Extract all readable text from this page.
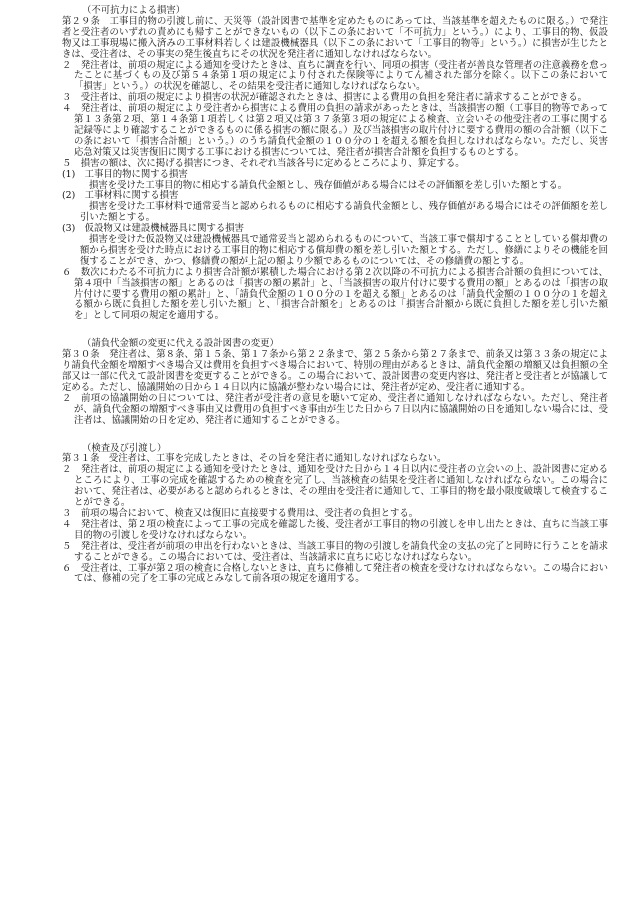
（不可抗力による損害）

第２９条　工事目的物の引渡し前に、天災等（設計図書で基準を定めたものにあっては、当該基準を超えたものに限る。）で発注者と受注者のいずれの責めにも帰すことができないもの（以下この条において「不可抗力」という。）により、工事目的物、仮設物又は工事現場に搬入済みの工事材料若しくは建設機械器具（以下この条において「工事目的物等」という。）に損害が生じたときは、受注者は、その事実の発生後直ちにその状況を発注者に通知しなければならない。

２　発注者は、前項の規定による通知を受けたときは、直ちに調査を行い、同項の損害（受注者が善良な管理者の注意義務を怠ったことに基づくもの及び第５４条第１項の規定により付された保険等によりてん補された部分を除く。以下この条において「損害」という。）の状況を確認し、その結果を受注者に通知しなければならない。

３　受注者は、前項の規定により損害の状況が確認されたときは、損害による費用の負担を発注者に請求することができる。

４　発注者は、前項の規定により受注者から損害による費用の負担の請求があったときは、当該損害の額（工事目的物等であって第１３条第２項、第１４条第１項若しくは第２項又は第３７条第３項の規定による検査、立会いその他受注者の工事に関する記録等により確認することができるものに係る損害の額に限る。）及び当該損害の取片付けに要する費用の額の合計額（以下この条において「損害合計額」という。）のうち請負代金額の１００分の１を超える額を負担しなければならない。ただし、災害応急対策又は災害復旧に関する工事における損害については、発注者が損害合計額を負担するものとする。

５　損害の額は、次に掲げる損害につき、それぞれ当該各号に定めるところにより、算定する。

(1)　工事目的物に関する損害

損害を受けた工事目的物に相応する請負代金額とし、残存価値がある場合にはその評価額を差し引いた額とする。

(2)　工事材料に関する損害

損害を受けた工事材料で通常妥当と認められるものに相応する請負代金額とし、残存価値がある場合にはその評価額を差し引いた額とする。

(3)　仮設物又は建設機械器具に関する損害

損害を受けた仮設物又は建設機械器具で通常妥当と認められるものについて、当該工事で償却することとしている償却費の額から損害を受けた時点における工事目的物に相応する償却費の額を差し引いた額とする。ただし、修繕によりその機能を回復することができ、かつ、修繕費の額が上記の額より少額であるものについては、その修繕費の額とする。

６　数次にわたる不可抗力により損害合計額が累積した場合における第２次以降の不可抗力による損害合計額の負担については、第４項中「当該損害の額」とあるのは「損害の額の累計」と、「当該損害の取片付けに要する費用の額」とあるのは「損害の取片付けに要する費用の額の累計」と、「請負代金額の１００分の１を超える額」とあるのは「請負代金額の１００分の１を超える額から既に負担した額を差し引いた額」と、「損害合計額を」とあるのは「損害合計額から既に負担した額を差し引いた額を」として同項の規定を適用する。

（請負代金額の変更に代える設計図書の変更）

第３０条　発注者は、第８条、第１５条、第１７条から第２２条まで、第２５条から第２７条まで、前条又は第３３条の規定により請負代金額を増額すべき場合又は費用を負担すべき場合において、特別の理由があるときは、請負代金額の増額又は負担額の全部又は一部に代えて設計図書を変更することができる。この場合において、設計図書の変更内容は、発注者と受注者とが協議して定める。ただし、協議開始の日から１４日以内に協議が整わない場合には、発注者が定め、受注者に通知する。

２　前項の協議開始の日については、発注者が受注者の意見を聴いて定め、受注者に通知しなければならない。ただし、発注者が、請負代金額の増額すべき事由又は費用の負担すべき事由が生じた日から７日以内に協議開始の日を通知しない場合には、受注者は、協議開始の日を定め、発注者に通知することができる。

（検査及び引渡し）

第３１条　受注者は、工事を完成したときは、その旨を発注者に通知しなければならない。

２　発注者は、前項の規定による通知を受けたときは、通知を受けた日から１４日以内に受注者の立会いの上、設計図書に定めるところにより、工事の完成を確認するための検査を完了し、当該検査の結果を受注者に通知しなければならない。この場合において、発注者は、必要があると認められるときは、その理由を受注者に通知して、工事目的物を最小限度破壊して検査することができる。

３　前項の場合において、検査又は復旧に直接要する費用は、受注者の負担とする。

４　発注者は、第２項の検査によって工事の完成を確認した後、受注者が工事目的物の引渡しを申し出たときは、直ちに当該工事目的物の引渡しを受けなければならない。

５　発注者は、受注者が前項の申出を行わないときは、当該工事目的物の引渡しを請負代金の支払の完了と同時に行うことを請求することができる。この場合においては、受注者は、当該請求に直ちに応じなければならない。

６　受注者は、工事が第２項の検査に合格しないときは、直ちに修補して発注者の検査を受けなければならない。この場合においては、修補の完了を工事の完成とみなして前各項の規定を適用する。
